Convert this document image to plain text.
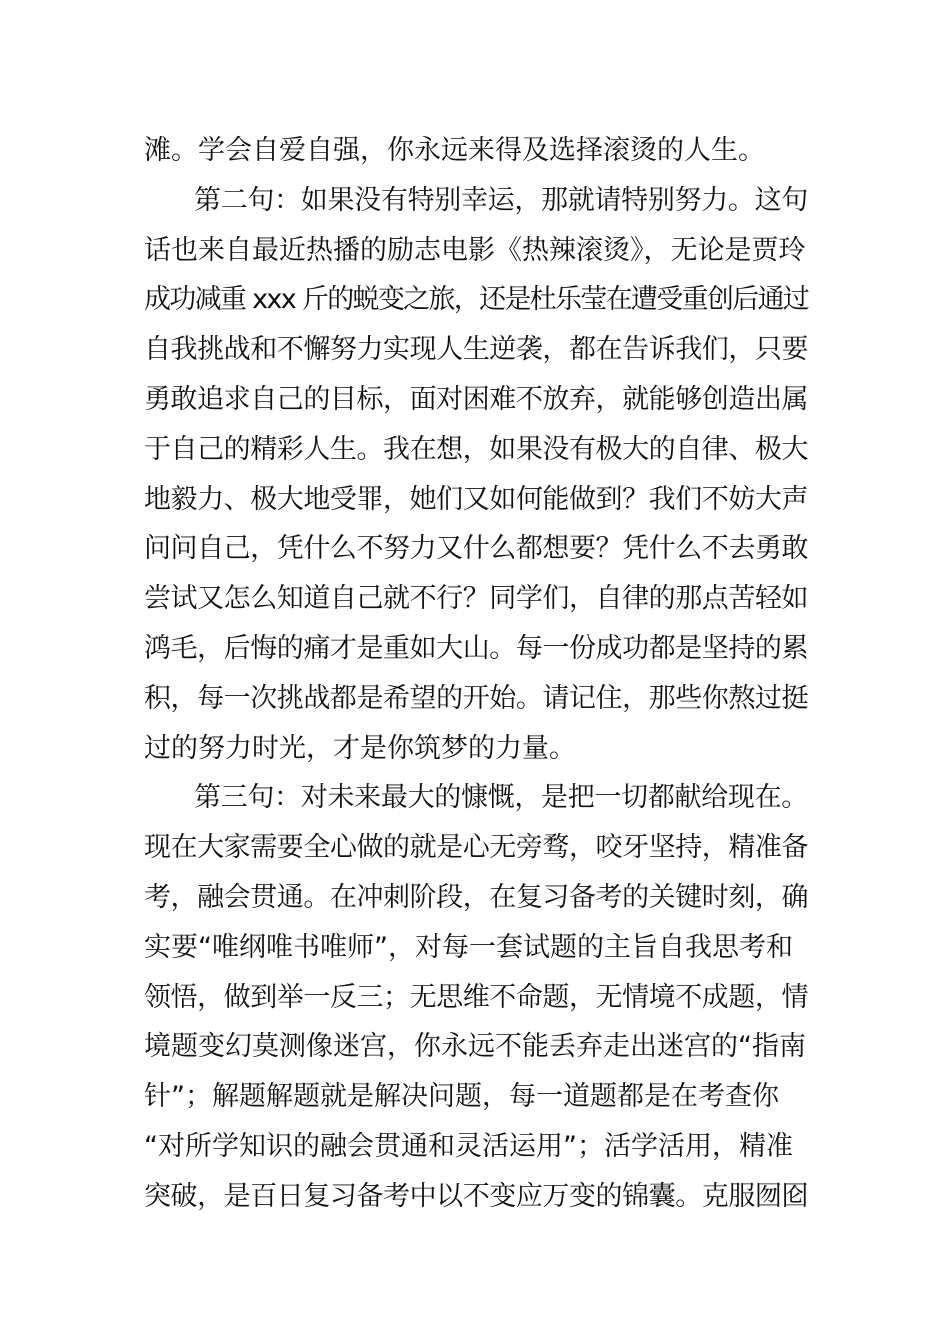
滩。学会自爱自强，你永远来得及选择滚烫的人生。
第二句：如果没有特别幸运，那就请特别努力。这句
话也来自最近热播的励志电影《热辣滚烫》，无论是贾玲
成功减重 xxx 斤的蜕变之旅，还是杜乐莹在遭受重创后通过
自我挑战和不懈努力实现人生逆袭，都在告诉我们，只要
勇敢追求自己的目标，面对困难不放弃，就能够创造出属
于自己的精彩人生。我在想，如果没有极大的自律、极大
地毅力、极大地受罪，她们又如何能做到？我们不妨大声
问问自己，凭什么不努力又什么都想要？凭什么不去勇敢
尝试又怎么知道自己就不行？同学们，自律的那点苦轻如
鸿毛，后悔的痛才是重如大山。每一份成功都是坚持的累
积，每一次挑战都是希望的开始。请记住，那些你熬过挺
过的努力时光，才是你筑梦的力量。
第三句：对未来最大的慷慨，是把一切都献给现在。
现在大家需要全心做的就是心无旁骛，咬牙坚持，精准备
考，融会贯通。在冲刺阶段，在复习备考的关键时刻，确
实要“唯纲唯书唯师”，对每一套试题的主旨自我思考和
领悟，做到举一反三；无思维不命题，无情境不成题，情
境题变幻莫测像迷宫，你永远不能丢弃走出迷宫的“指南
针”；解题解题就是解决问题，每一道题都是在考查你
“对所学知识的融会贯通和灵活运用”；活学活用，精准
突破，是百日复习备考中以不变应万变的锦囊。克服囫囵
